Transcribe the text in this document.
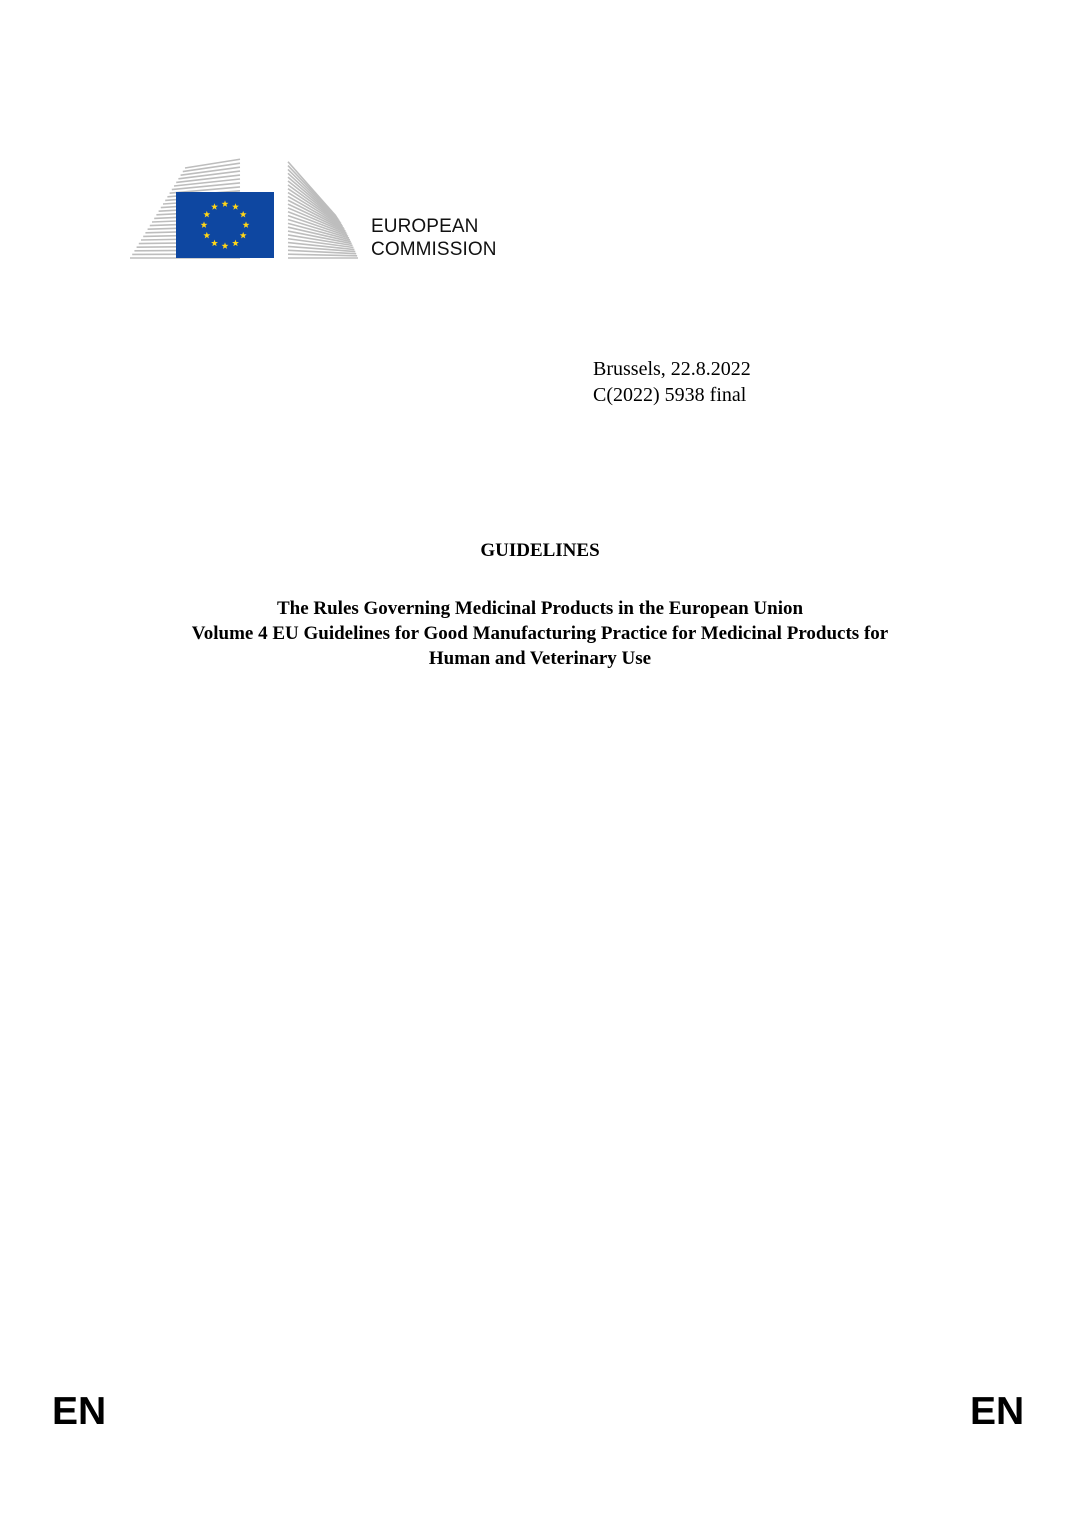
EUROPEAN
COMMISSION
Brussels, 22.8.2022
C(2022) 5938 final
GUIDELINES
The Rules Governing Medicinal Products in the European Union
Volume 4 EU Guidelines for Good Manufacturing Practice for Medicinal Products for
Human and Veterinary Use
EN	EN
